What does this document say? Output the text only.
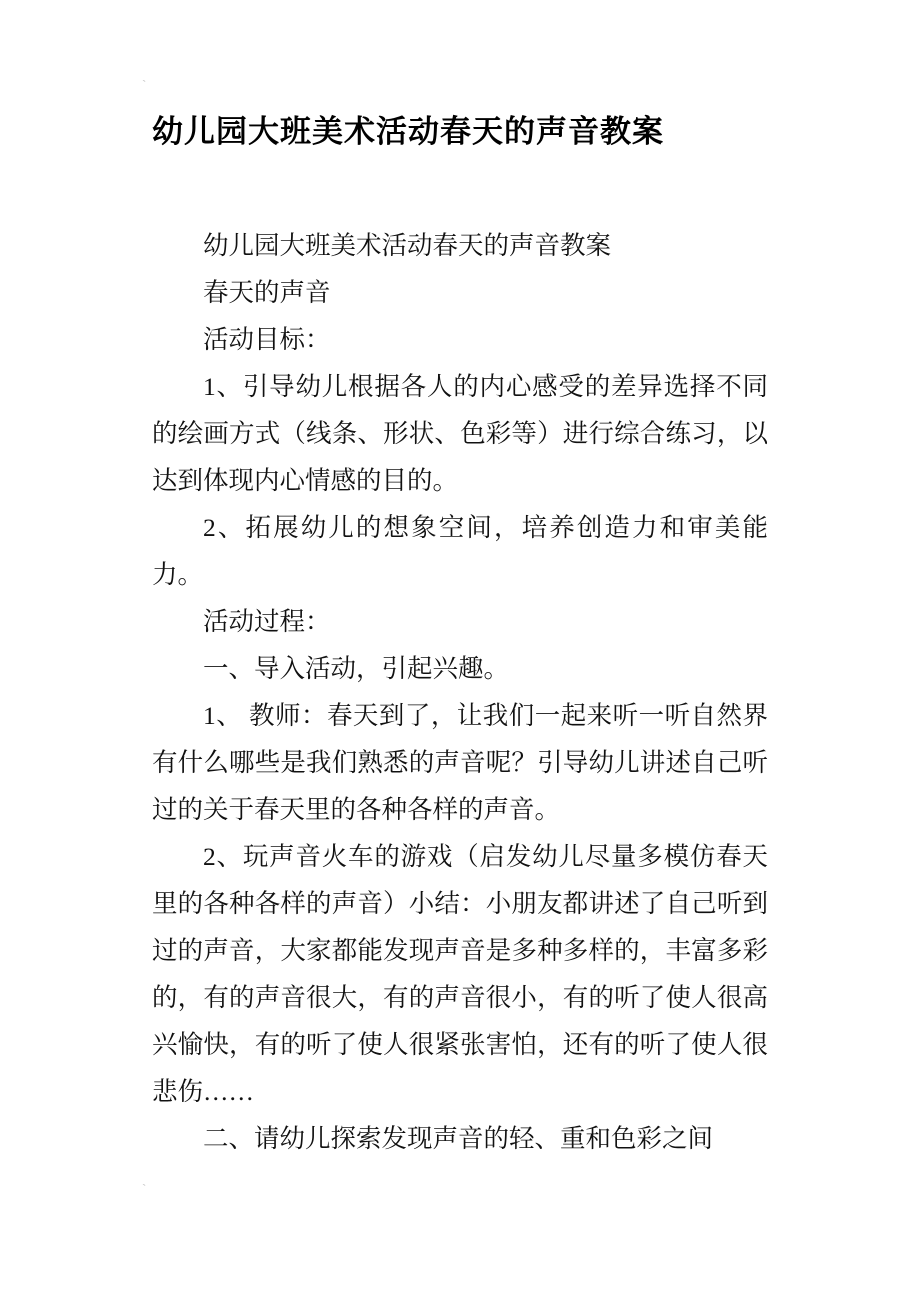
`
幼儿园大班美术活动春天的声音教案

幼儿园大班美术活动春天的声音教案

春天的声音

活动目标：

1、引导幼儿根据各人的内心感受的差异选择不同的绘画方式（线条、形状、色彩等）进行综合练习，以达到体现内心情感的目的。

2、拓展幼儿的想象空间，培养创造力和审美能力。

活动过程：

一、导入活动，引起兴趣。

1、 教师：春天到了，让我们一起来听一听自然界有什么哪些是我们熟悉的声音呢？引导幼儿讲述自己听过的关于春天里的各种各样的声音。

2、玩声音火车的游戏（启发幼儿尽量多模仿春天里的各种各样的声音）小结：小朋友都讲述了自己听到过的声音，大家都能发现声音是多种多样的，丰富多彩的，有的声音很大，有的声音很小，有的听了使人很高兴愉快，有的听了使人很紧张害怕，还有的听了使人很悲伤……

二、请幼儿探索发现声音的轻、重和色彩之间

`
